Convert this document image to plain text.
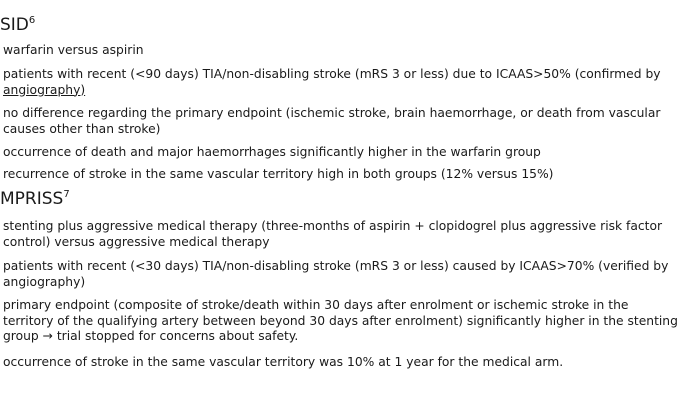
SID$^6$
warfarin versus aspirin
patients with recent (<90 days) TIA/non-disabling stroke (mRS 3 or less) due to ICAAS>50% (confirmed by
angiography)
no difference regarding the primary endpoint (ischemic stroke, brain haemorrhage, or death from vascular
causes other than stroke)
occurrence of death and major haemorrhages significantly higher in the warfarin group
recurrence of stroke in the same vascular territory high in both groups (12% versus 15%)
MPRISS$^7$
stenting plus aggressive medical therapy (three-months of aspirin + clopidogrel plus aggressive risk factor
control) versus aggressive medical therapy
patients with recent (<30 days) TIA/non-disabling stroke (mRS 3 or less) caused by ICAAS>70% (verified by
angiography)
primary endpoint (composite of stroke/death within 30 days after enrolment or ischemic stroke in the
territory of the qualifying artery between beyond 30 days after enrolment) significantly higher in the stenting
group → trial stopped for concerns about safety.
occurrence of stroke in the same vascular territory was 10% at 1 year for the medical arm.
